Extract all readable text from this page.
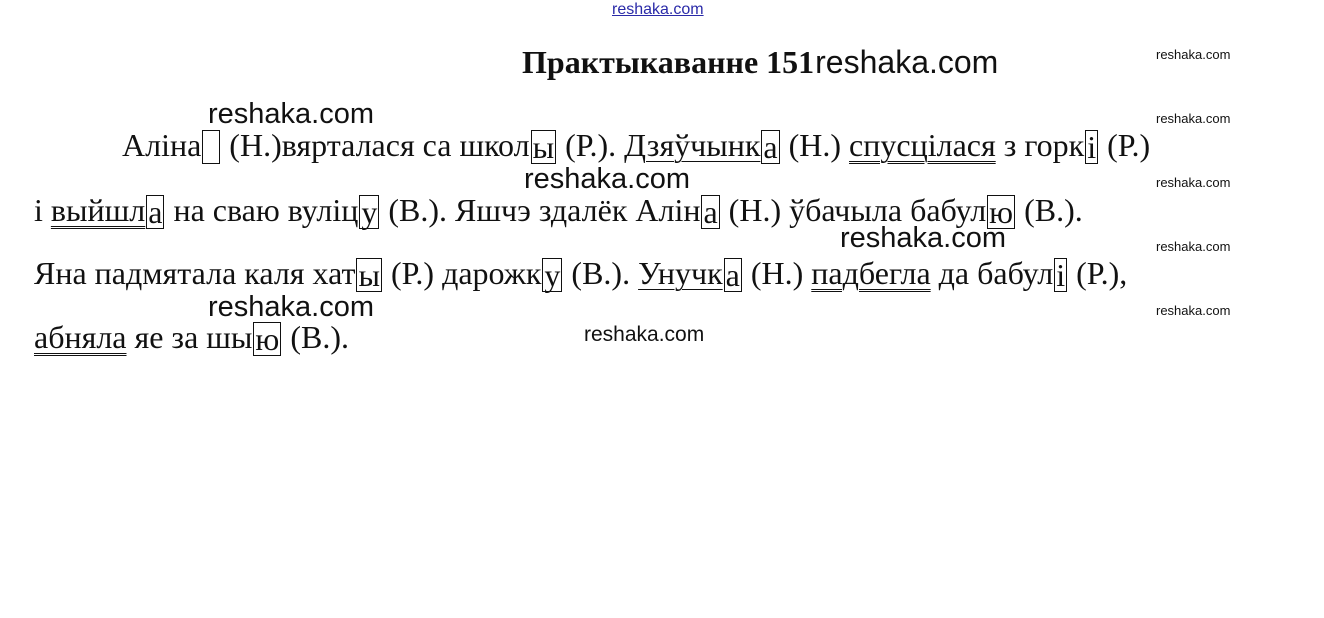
reshaka.com
reshaka.com
reshaka.com
reshaka.com
reshaka.com
reshaka.com
reshaka.com
reshaka.com
reshaka.com
reshaka.com
reshaka.com
Практыкаванне 151reshaka.com
Аліна  (Н.)вярталася са школы (Р.). Дзяўчынка (Н.) спусцілася з горкі (Р.)
і выйшла на сваю вуліцу (В.). Яшчэ здалёк Аліна (Н.) ўбачыла бабулю (В.).
Яна падмятала каля хаты (Р.) дарожку (В.). Унучка (Н.) падбегла да бабулі (Р.),
абняла яе за шыю (В.).
